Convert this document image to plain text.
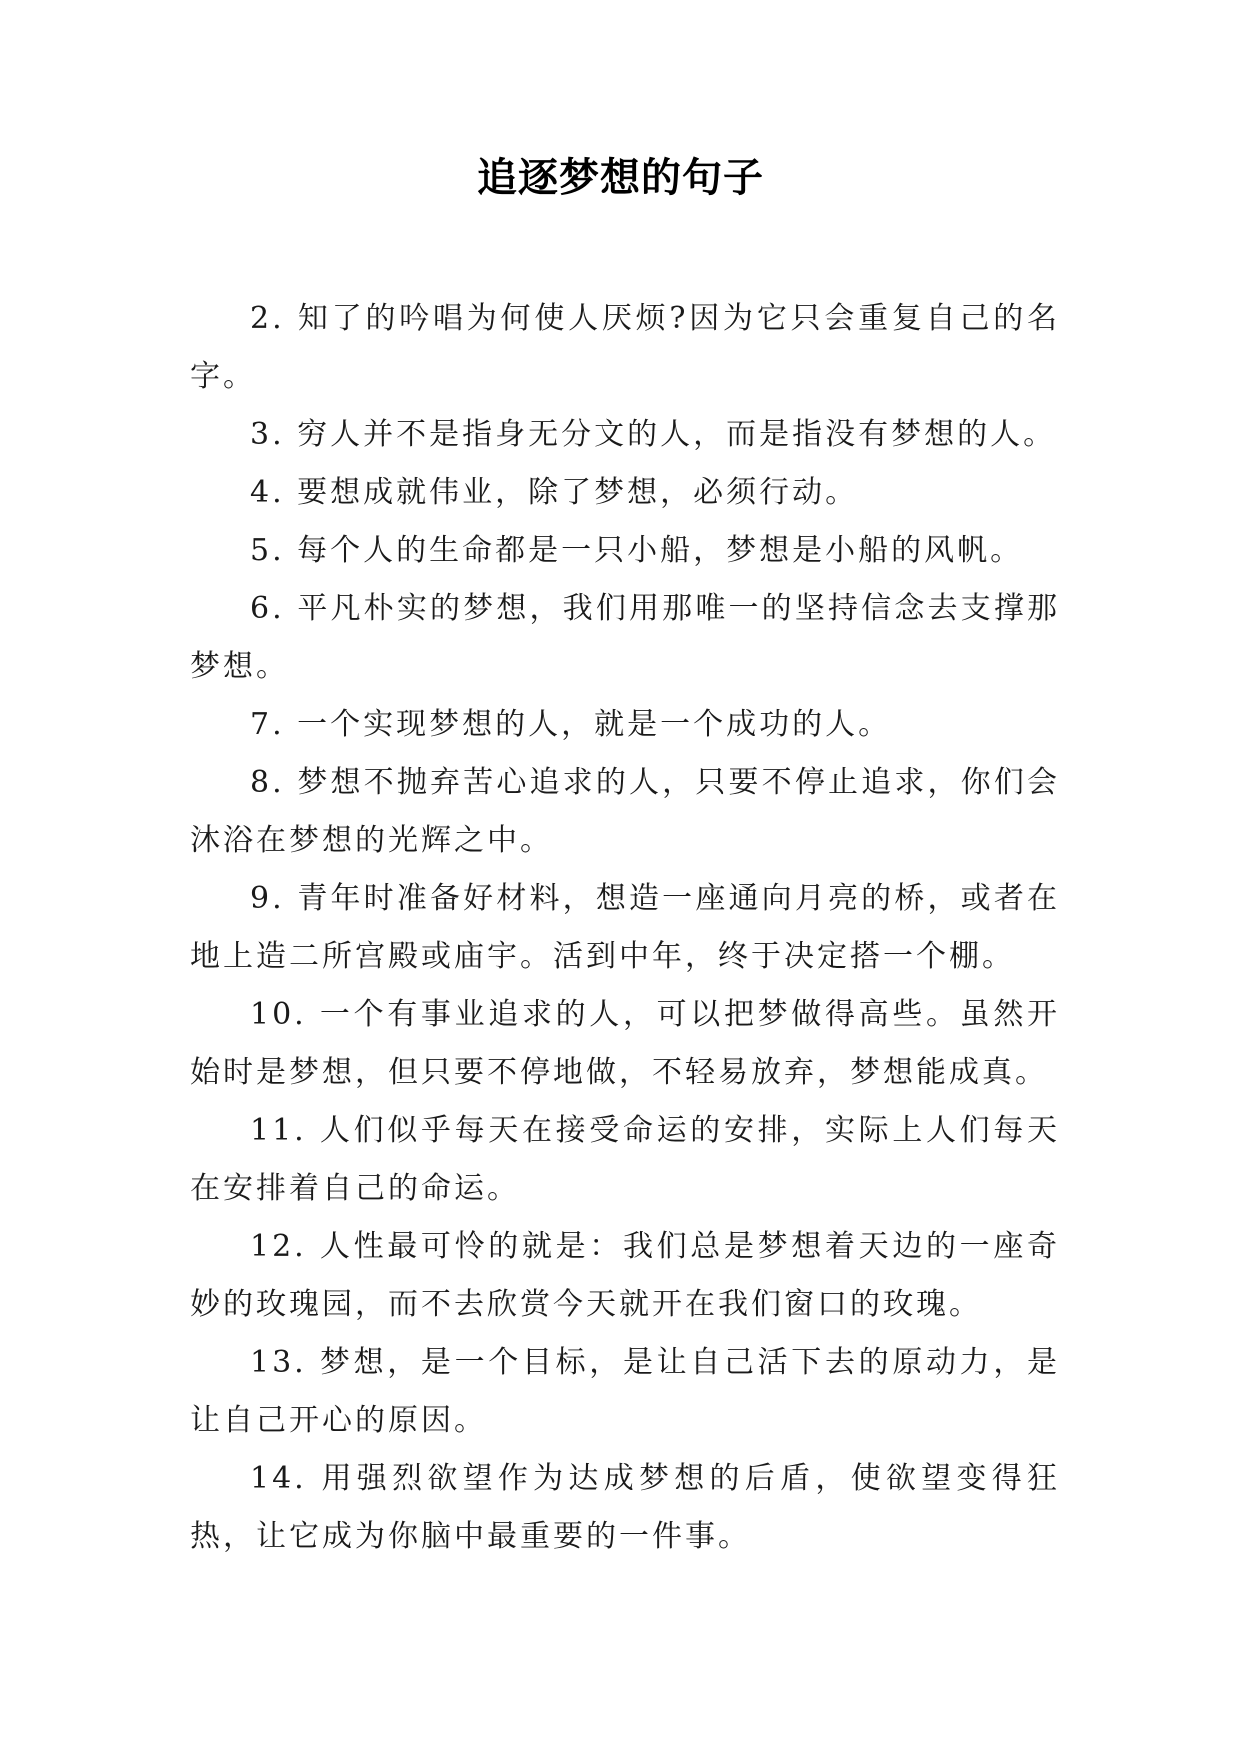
追逐梦想的句子

2. 知了的吟唱为何使人厌烦?因为它只会重复自己的名字。

3. 穷人并不是指身无分文的人，而是指没有梦想的人。

4. 要想成就伟业，除了梦想，必须行动。

5. 每个人的生命都是一只小船，梦想是小船的风帆。

6. 平凡朴实的梦想，我们用那唯一的坚持信念去支撑那梦想。

7. 一个实现梦想的人，就是一个成功的人。

8. 梦想不抛弃苦心追求的人，只要不停止追求，你们会沐浴在梦想的光辉之中。

9. 青年时准备好材料，想造一座通向月亮的桥，或者在地上造二所宫殿或庙宇。活到中年，终于决定搭一个棚。

10. 一个有事业追求的人，可以把梦做得高些。虽然开始时是梦想，但只要不停地做，不轻易放弃，梦想能成真。

11. 人们似乎每天在接受命运的安排，实际上人们每天在安排着自己的命运。

12. 人性最可怜的就是：我们总是梦想着天边的一座奇妙的玫瑰园，而不去欣赏今天就开在我们窗口的玫瑰。

13. 梦想，是一个目标，是让自己活下去的原动力，是让自己开心的原因。

14. 用强烈欲望作为达成梦想的后盾，使欲望变得狂热，让它成为你脑中最重要的一件事。
